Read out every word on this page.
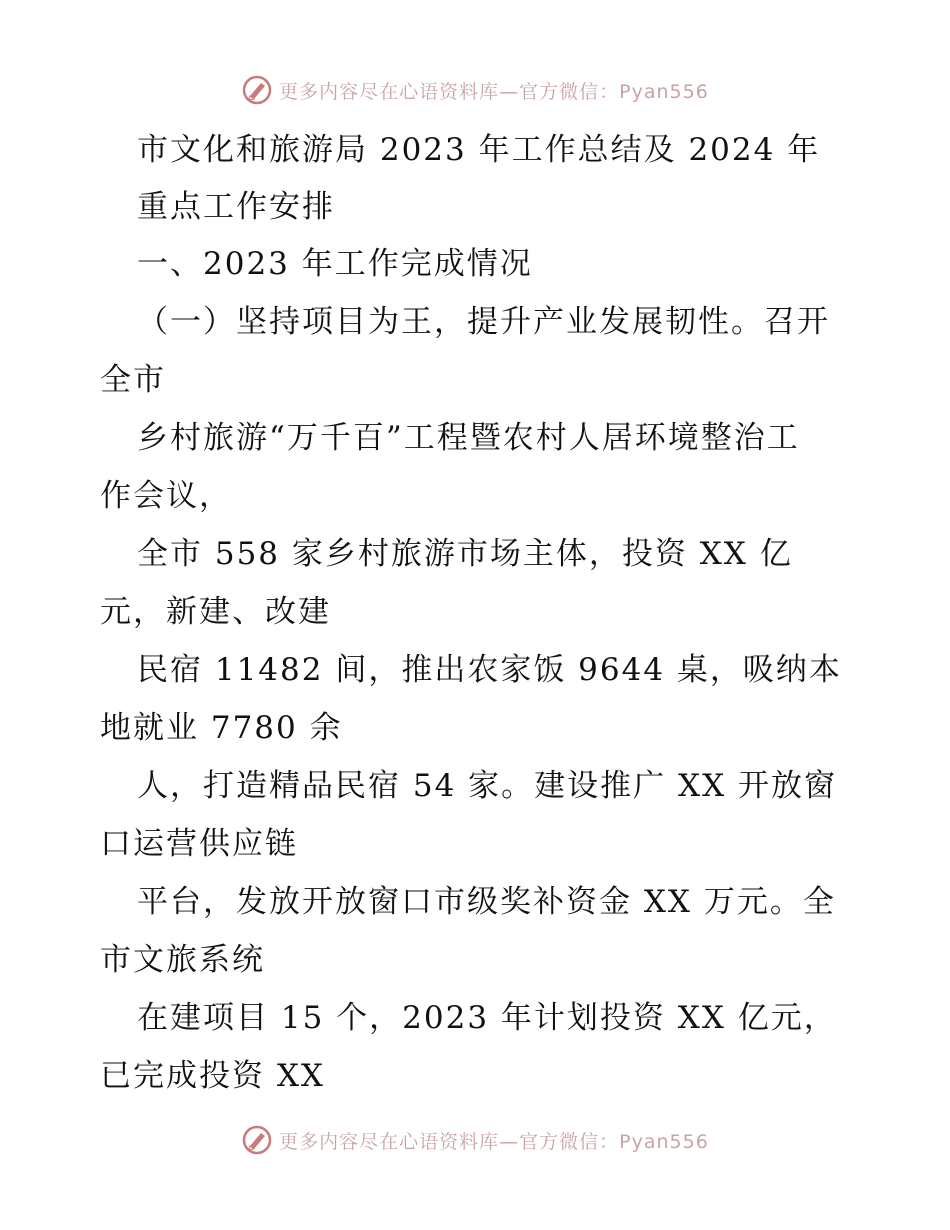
更多内容尽在心语资料库—官方微信：Pyan556
市文化和旅游局 2023 年工作总结及 2024 年
重点工作安排
一、2023 年工作完成情况
（一）坚持项目为王，提升产业发展韧性。召开
全市
乡村旅游“万千百”工程暨农村人居环境整治工
作会议，
全市 558 家乡村旅游市场主体，投资 XX 亿
元，新建、改建
民宿 11482 间，推出农家饭 9644 桌，吸纳本
地就业 7780 余
人，打造精品民宿 54 家。建设推广 XX 开放窗
口运营供应链
平台，发放开放窗口市级奖补资金 XX 万元。全
市文旅系统
在建项目 15 个，2023 年计划投资 XX 亿元，
已完成投资 XX
更多内容尽在心语资料库—官方微信：Pyan556
